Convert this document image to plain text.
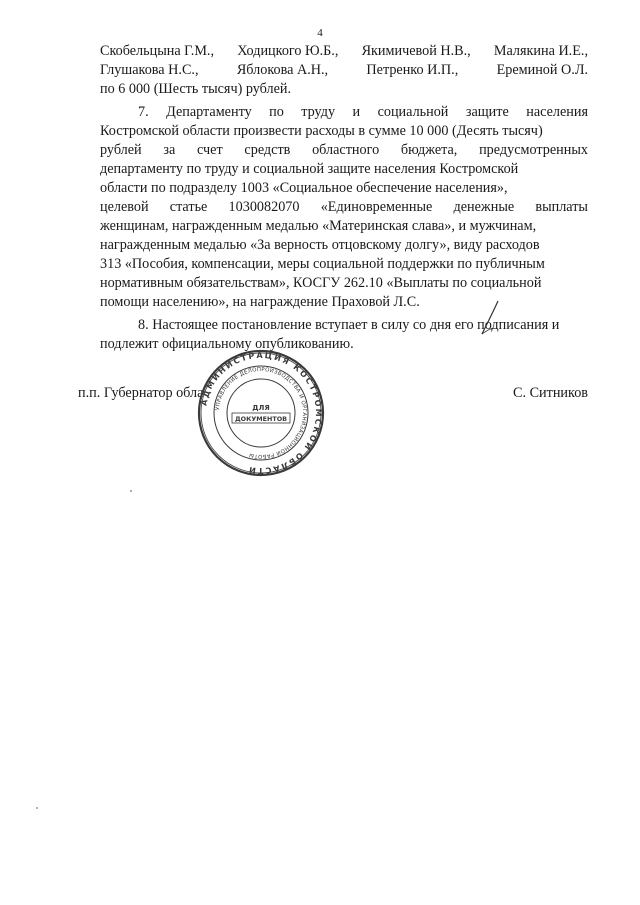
4
Скобельцына Г.М., Ходицкого Ю.Б., Якимичевой Н.В., Малякина И.Е.,
Глушакова Н.С.,	Яблокова А.Н.,	Петренко И.П.,	Ереминой О.Л.
по 6 000 (Шесть тысяч) рублей.
7. Департаменту по труду и социальной защите населения
Костромской области произвести расходы в сумме 10 000 (Десять тысяч)
рублей за счет средств областного бюджета, предусмотренных
департаменту по труду и социальной защите населения Костромской
области по подразделу 1003 «Социальное обеспечение населения»,
целевой статье 1030082070 «Единовременные денежные выплаты
женщинам, награжденным медалью «Материнская слава», и мужчинам,
награжденным медалью «За верность отцовскому долгу», виду расходов
313 «Пособия, компенсации, меры социальной поддержки по публичным
нормативным обязательствам», КОСГУ 262.10 «Выплаты по социальной
помощи населению», на награждение Праховой Л.С.
8. Настоящее постановление вступает в силу со дня его подписания и
подлежит официальному опубликованию.
п.п. Губернатор обла	С. Ситников
АДМИНИСТРАЦИЯ КОСТРОМСКОЙ ОБЛАСТИ
УПРАВЛЕНИЕ ДЕЛОПРОИЗВОДСТВА И ОРГАНИЗАЦИОННОЙ РАБОТЫ
ДЛЯ
ДОКУМЕНТОВ
